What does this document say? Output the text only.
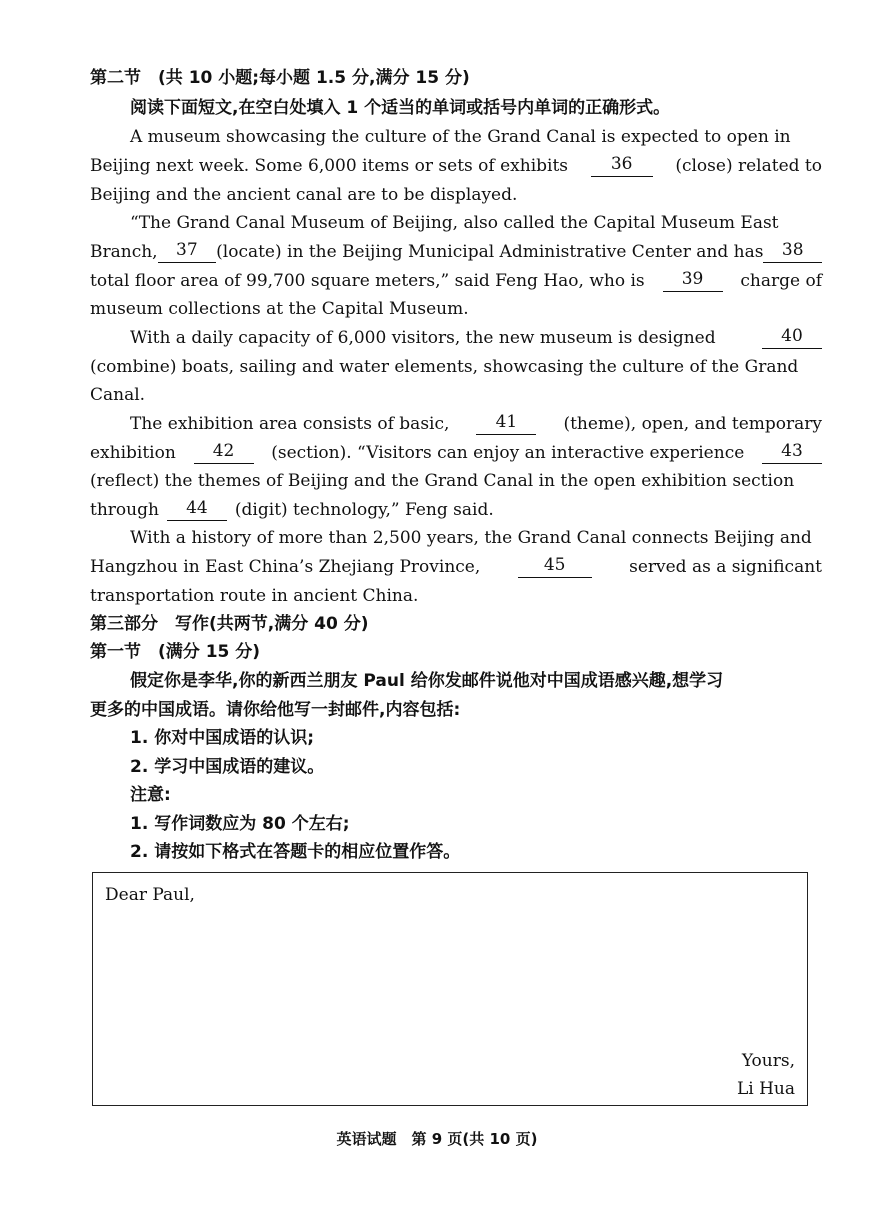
第二节　(共 10 小题;每小题 1.5 分,满分 15 分)
阅读下面短文,在空白处填入 1 个适当的单词或括号内单词的正确形式。
A museum showcasing the culture of the Grand Canal is expected to open in
Beijing next week. Some 6,000 items or sets of exhibits	36	(close) related to
Beijing and the ancient canal are to be displayed.
“The Grand Canal Museum of Beijing, also called the Capital Museum East
Branch,	37	(locate) in the Beijing Municipal Administrative Center and has	38
total floor area of 99,700 square meters,” said Feng Hao, who is	39	charge of
museum collections at the Capital Museum.
With a daily capacity of 6,000 visitors, the new museum is designed	40
(combine) boats, sailing and water elements, showcasing the culture of the Grand
Canal.
The exhibition area consists of basic,	41	(theme), open, and temporary
exhibition	42	(section). “Visitors can enjoy an interactive experience	43
(reflect) the themes of Beijing and the Grand Canal in the open exhibition section
through	44	(digit) technology,” Feng said.
With a history of more than 2,500 years, the Grand Canal connects Beijing and
Hangzhou in East China’s Zhejiang Province,	45	served as a significant
transportation route in ancient China.
第三部分　写作(共两节,满分 40 分)
第一节　(满分 15 分)
假定你是李华,你的新西兰朋友 Paul 给你发邮件说他对中国成语感兴趣,想学习
更多的中国成语。请你给他写一封邮件,内容包括:
1. 你对中国成语的认识;
2. 学习中国成语的建议。
注意:
1. 写作词数应为 80 个左右;
2. 请按如下格式在答题卡的相应位置作答。
Dear Paul,
Yours,
Li Hua
英语试题　第 9 页(共 10 页)
